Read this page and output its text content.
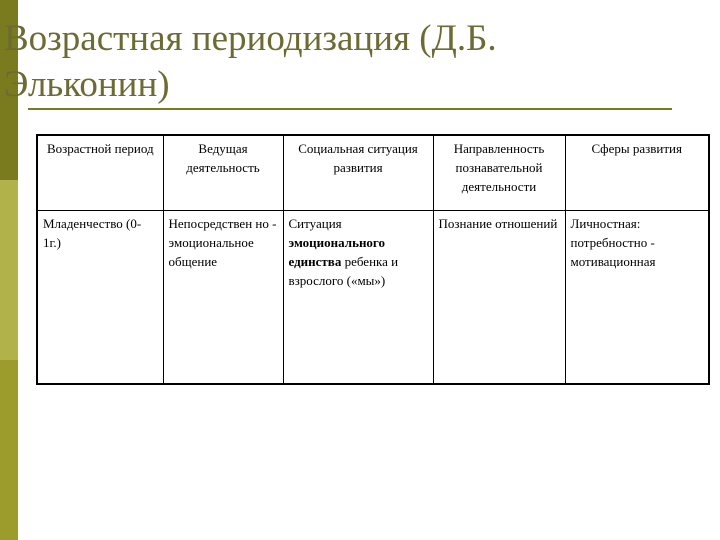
Возрастная периодизация (Д.Б. Эльконин)
Возрастной период	Ведущая деятельность	Социальная ситуация развития	Направленность познавательной деятельности	Сферы развития
Младенчество (0-1г.)	Непосредствен но - эмоциональное общение	Ситуация эмоционального единства ребенка и взрослого («мы»)	Познание отношений	Личностная: потребностно - мотивационная
